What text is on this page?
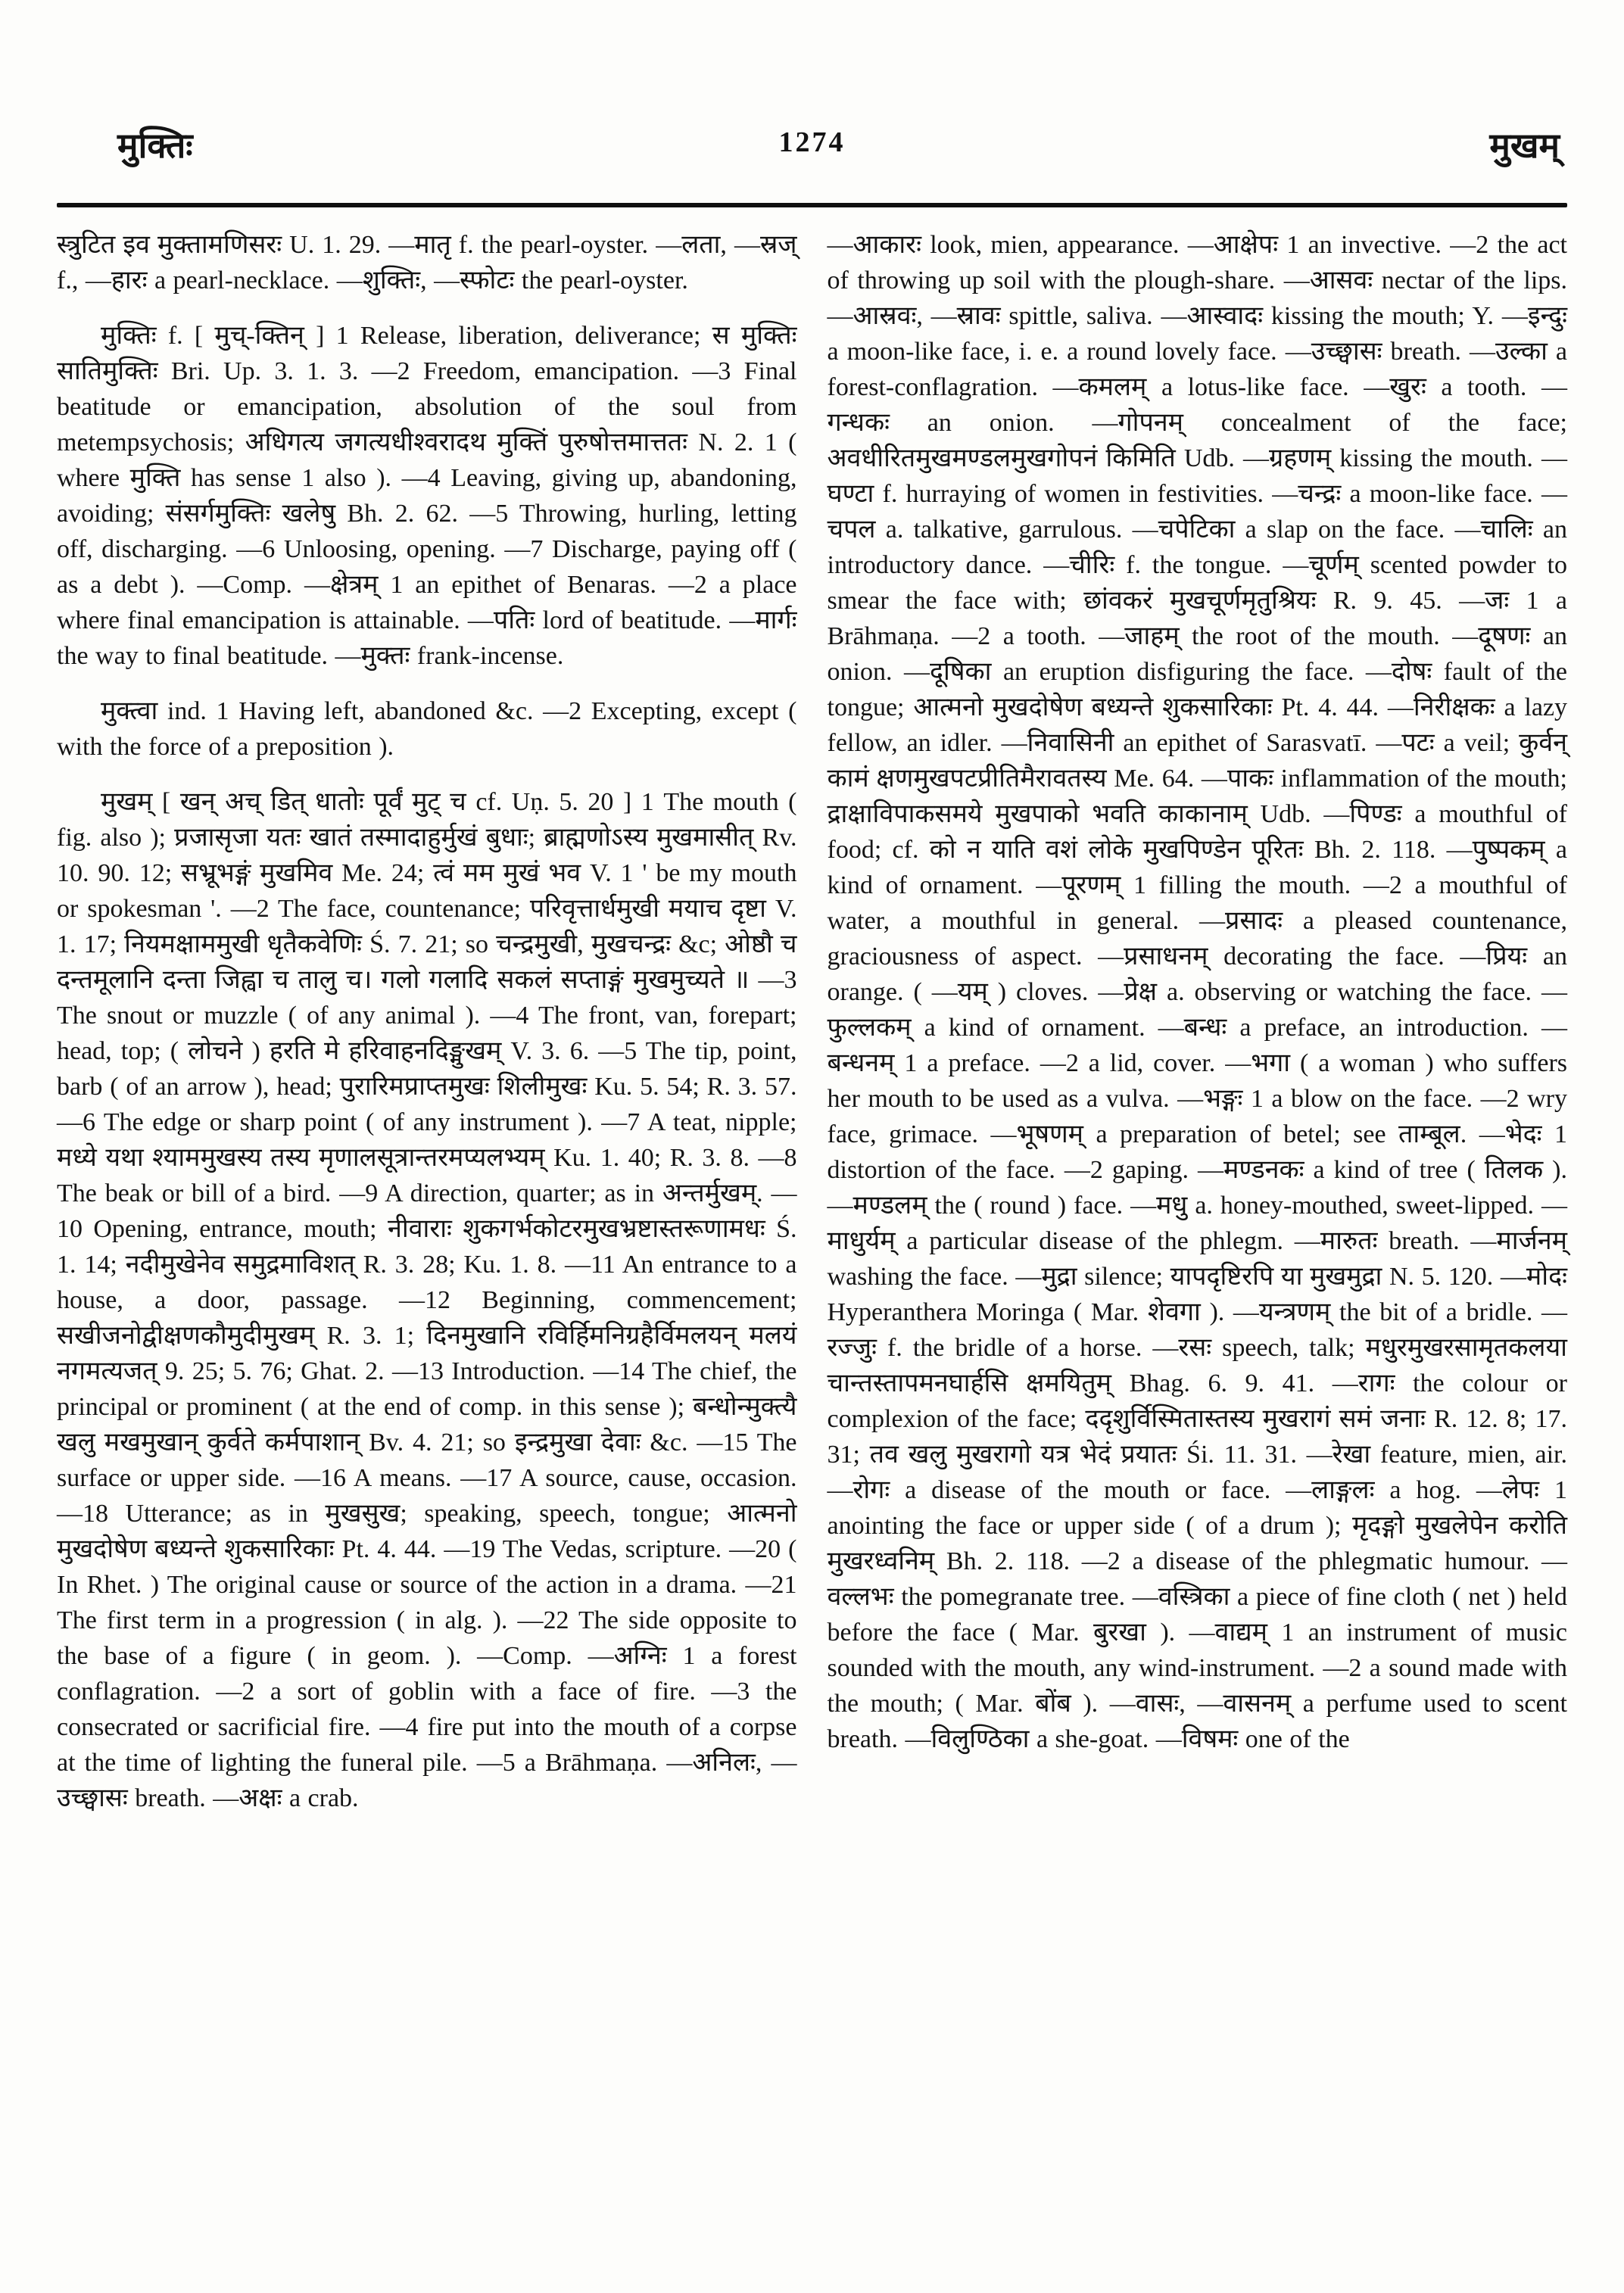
मुक्तिः	1274	मुखम्

स्त्रुटित इव मुक्तामणिसरः U. 1. 29. —मातृ f. the pearl-oyster. —लता, —स्रज् f., —हारः a pearl-necklace. —शुक्तिः, —स्फोटः the pearl-oyster.

मुक्तिः f. [ मुच्-क्तिन् ] 1 Release, liberation, deliverance; स मुक्तिः सातिमुक्तिः Bri. Up. 3. 1. 3. —2 Freedom, emancipation. —3 Final beatitude or emancipation, absolution of the soul from metempsychosis; अधिगत्य जगत्यधीश्वरादथ मुक्तिं पुरुषोत्तमात्ततः N. 2. 1 ( where मुक्ति has sense 1 also ). —4 Leaving, giving up, abandoning, avoiding; संसर्गमुक्तिः खलेषु Bh. 2. 62. —5 Throwing, hurling, letting off, discharging. —6 Unloosing, opening. —7 Discharge, paying off ( as a debt ). —Comp. —क्षेत्रम् 1 an epithet of Benaras. —2 a place where final emancipation is attainable. —पतिः lord of beatitude. —मार्गः the way to final beatitude. —मुक्तः frank-incense.

मुक्त्वा ind. 1 Having left, abandoned &c. —2 Excepting, except ( with the force of a preposition ).

मुखम् [ खन् अच् डित् धातोः पूर्वं मुट् च cf. Uṇ. 5. 20 ] 1 The mouth ( fig. also ); प्रजासृजा यतः खातं तस्मादाहुर्मुखं बुधाः; ब्राह्मणोऽस्य मुखमासीत् Rv. 10. 90. 12; सभ्रूभङ्गं मुखमिव Me. 24; त्वं मम मुखं भव V. 1 ' be my mouth or spokesman '. —2 The face, countenance; परिवृत्तार्धमुखी मयाच दृष्टा V. 1. 17; नियमक्षाममुखी धृतैकवेणिः Ś. 7. 21; so चन्द्रमुखी, मुखचन्द्रः &c; ओष्ठौ च दन्तमूलानि दन्ता जिह्वा च तालु च। गलो गलादि सकलं सप्ताङ्गं मुखमुच्यते ॥ —3 The snout or muzzle ( of any animal ). —4 The front, van, forepart; head, top; ( लोचने ) हरति मे हरिवाहनदिङ्मुखम् V. 3. 6. —5 The tip, point, barb ( of an arrow ), head; पुरारिमप्राप्तमुखः शिलीमुखः Ku. 5. 54; R. 3. 57. —6 The edge or sharp point ( of any instrument ). —7 A teat, nipple; मध्ये यथा श्याममुखस्य तस्य मृणालसूत्रान्तरमप्यलभ्यम् Ku. 1. 40; R. 3. 8. —8 The beak or bill of a bird. —9 A direction, quarter; as in अन्तर्मुखम्. —10 Opening, entrance, mouth; नीवाराः शुकगर्भकोटरमुखभ्रष्टास्तरूणामधः Ś. 1. 14; नदीमुखेनेव समुद्रमाविशत् R. 3. 28; Ku. 1. 8. —11 An entrance to a house, a door, passage. —12 Beginning, commencement; सखीजनोद्वीक्षणकौमुदीमुखम् R. 3. 1; दिनमुखानि रविर्हिमनिग्रहैर्विमलयन् मलयं नगमत्यजत् 9. 25; 5. 76; Ghat. 2. —13 Introduction. —14 The chief, the principal or prominent ( at the end of comp. in this sense ); बन्धोन्मुक्त्यै खलु मखमुखान् कुर्वते कर्मपाशान् Bv. 4. 21; so इन्द्रमुखा देवाः &c. —15 The surface or upper side. —16 A means. —17 A source, cause, occasion. —18 Utterance; as in मुखसुख; speaking, speech, tongue; आत्मनो मुखदोषेण बध्यन्ते शुकसारिकाः Pt. 4. 44. —19 The Vedas, scripture. —20 ( In Rhet. ) The original cause or source of the action in a drama. —21 The first term in a progression ( in alg. ). —22 The side opposite to the base of a figure ( in geom. ). —Comp. —अग्निः 1 a forest conflagration. —2 a sort of goblin with a face of fire. —3 the consecrated or sacrificial fire. —4 fire put into the mouth of a corpse at the time of lighting the funeral pile. —5 a Brāhmaṇa. —अनिलः, —उच्छ्वासः breath. —अक्षः a crab.

—आकारः look, mien, appearance. —आक्षेपः 1 an invective. —2 the act of throwing up soil with the plough-share. —आसवः nectar of the lips. —आस्रवः, —स्रावः spittle, saliva. —आस्वादः kissing the mouth; Y. —इन्दुः a moon-like face, i. e. a round lovely face. —उच्छ्वासः breath. —उल्का a forest-conflagration. —कमलम् a lotus-like face. —खुरः a tooth. —गन्धकः an onion. —गोपनम् concealment of the face; अवधीरितमुखमण्डलमुखगोपनं किमिति Udb. —ग्रहणम् kissing the mouth. —घण्टा f. hurraying of women in festivities. —चन्द्रः a moon-like face. —चपल a. talkative, garrulous. —चपेटिका a slap on the face. —चालिः an introductory dance. —चीरिः f. the tongue. —चूर्णम् scented powder to smear the face with; छांवकरं मुखचूर्णमृतुश्रियः R. 9. 45. —जः 1 a Brāhmaṇa. —2 a tooth. —जाहम् the root of the mouth. —दूषणः an onion. —दूषिका an eruption disfiguring the face. —दोषः fault of the tongue; आत्मनो मुखदोषेण बध्यन्ते शुकसारिकाः Pt. 4. 44. —निरीक्षकः a lazy fellow, an idler. —निवासिनी an epithet of Sarasvatī. —पटः a veil; कुर्वन् कामं क्षणमुखपटप्रीतिमैरावतस्य Me. 64. —पाकः inflammation of the mouth; द्राक्षाविपाकसमये मुखपाको भवति काकानाम् Udb. —पिण्डः a mouthful of food; cf. को न याति वशं लोके मुखपिण्डेन पूरितः Bh. 2. 118. —पुष्पकम् a kind of ornament. —पूरणम् 1 filling the mouth. —2 a mouthful of water, a mouthful in general. —प्रसादः a pleased countenance, graciousness of aspect. —प्रसाधनम् decorating the face. —प्रियः an orange. ( —यम् ) cloves. —प्रेक्ष a. observing or watching the face. —फुल्लकम् a kind of ornament. —बन्धः a preface, an introduction. —बन्धनम् 1 a preface. —2 a lid, cover. —भगा ( a woman ) who suffers her mouth to be used as a vulva. —भङ्गः 1 a blow on the face. —2 wry face, grimace. —भूषणम् a preparation of betel; see ताम्बूल. —भेदः 1 distortion of the face. —2 gaping. —मण्डनकः a kind of tree ( तिलक ). —मण्डलम् the ( round ) face. —मधु a. honey-mouthed, sweet-lipped. —माधुर्यम् a particular disease of the phlegm. —मारुतः breath. —मार्जनम् washing the face. —मुद्रा silence; यापदृष्टिरपि या मुखमुद्रा N. 5. 120. —मोदः Hyperanthera Moringa ( Mar. शेवगा ). —यन्त्रणम् the bit of a bridle. —रज्जुः f. the bridle of a horse. —रसः speech, talk; मधुरमुखरसामृतकलया चान्तस्तापमनघार्हसि क्षमयितुम् Bhag. 6. 9. 41. —रागः the colour or complexion of the face; ददृशुर्विस्मितास्तस्य मुखरागं समं जनाः R. 12. 8; 17. 31; तव खलु मुखरागो यत्र भेदं प्रयातः Śi. 11. 31. —रेखा feature, mien, air. —रोगः a disease of the mouth or face. —लाङ्गलः a hog. —लेपः 1 anointing the face or upper side ( of a drum ); मृदङ्गो मुखलेपेन करोति मुखरध्वनिम् Bh. 2. 118. —2 a disease of the phlegmatic humour. —वल्लभः the pomegranate tree. —वस्त्रिका a piece of fine cloth ( net ) held before the face ( Mar. बुरखा ). —वाद्यम् 1 an instrument of music sounded with the mouth, any wind-instrument. —2 a sound made with the mouth; ( Mar. बोंब ). —वासः, —वासनम् a perfume used to scent breath. —विलुण्ठिका a she-goat. —विषमः one of the
